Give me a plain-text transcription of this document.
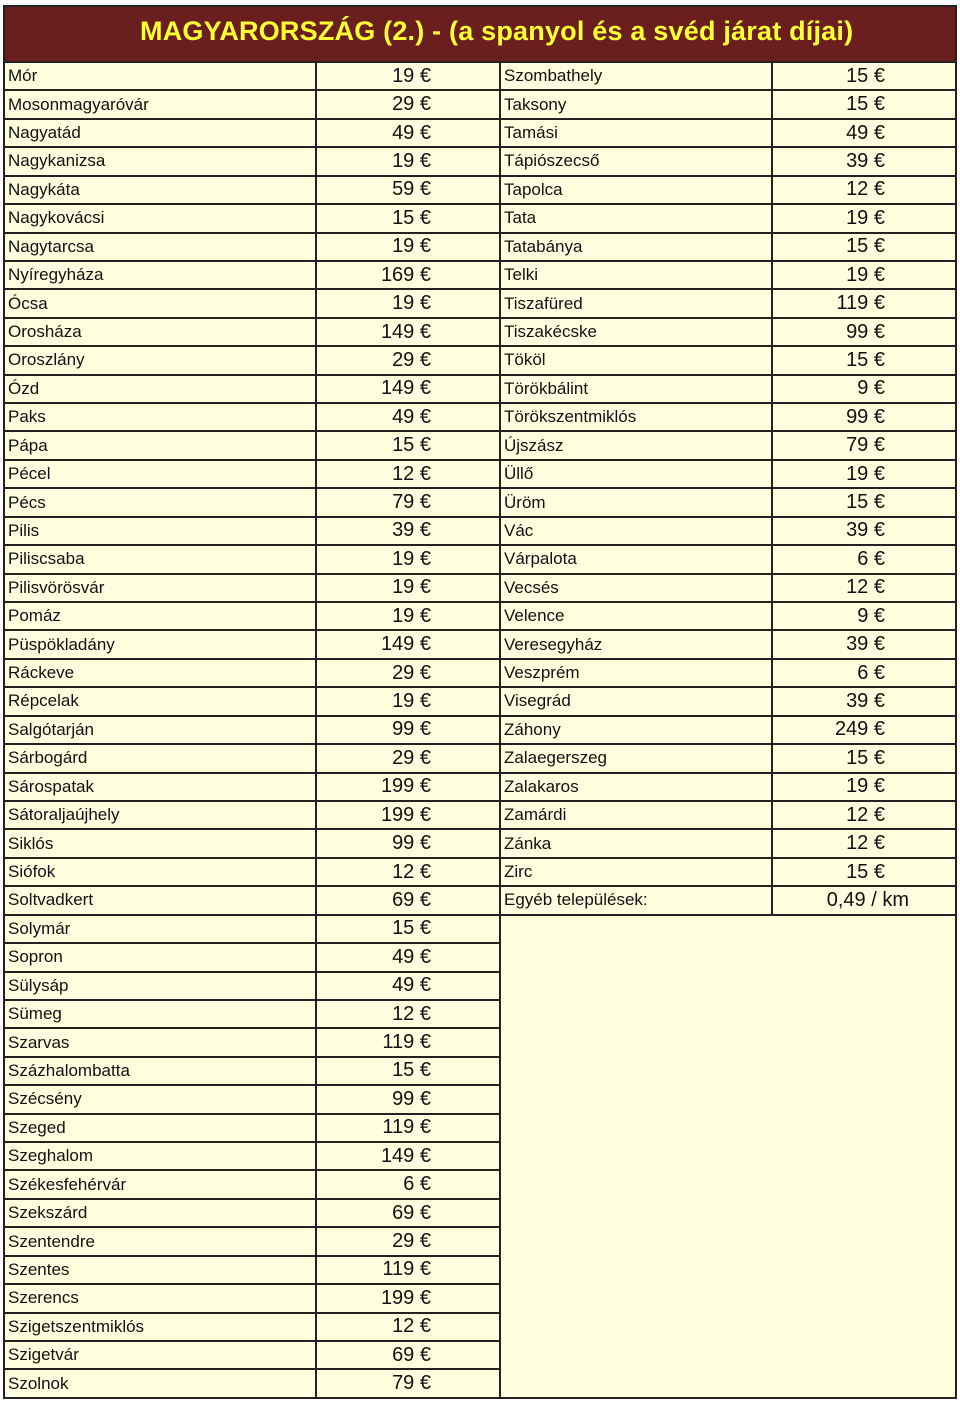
MAGYARORSZÁG (2.) - (a spanyol és a svéd járat díjai)
Mór	19 €
Mosonmagyaróvár	29 €
Nagyatád	49 €
Nagykanizsa	19 €
Nagykáta	59 €
Nagykovácsi	15 €
Nagytarcsa	19 €
Nyíregyháza	169 €
Ócsa	19 €
Orosháza	149 €
Oroszlány	29 €
Ózd	149 €
Paks	49 €
Pápa	15 €
Pécel	12 €
Pécs	79 €
Pilis	39 €
Piliscsaba	19 €
Pilisvörösvár	19 €
Pomáz	19 €
Püspökladány	149 €
Ráckeve	29 €
Répcelak	19 €
Salgótarján	99 €
Sárbogárd	29 €
Sárospatak	199 €
Sátoraljaújhely	199 €
Siklós	99 €
Siófok	12 €
Soltvadkert	69 €
Solymár	15 €
Sopron	49 €
Sülysáp	49 €
Sümeg	12 €
Szarvas	119 €
Százhalombatta	15 €
Szécsény	99 €
Szeged	119 €
Szeghalom	149 €
Székesfehérvár	6 €
Szekszárd	69 €
Szentendre	29 €
Szentes	119 €
Szerencs	199 €
Szigetszentmiklós	12 €
Szigetvár	69 €
Szolnok	79 €
Szombathely	15 €
Taksony	15 €
Tamási	49 €
Tápiószecső	39 €
Tapolca	12 €
Tata	19 €
Tatabánya	15 €
Telki	19 €
Tiszafüred	119 €
Tiszakécske	99 €
Tököl	15 €
Törökbálint	9 €
Törökszentmiklós	99 €
Újszász	79 €
Üllő	19 €
Üröm	15 €
Vác	39 €
Várpalota	6 €
Vecsés	12 €
Velence	9 €
Veresegyház	39 €
Veszprém	6 €
Visegrád	39 €
Záhony	249 €
Zalaegerszeg	15 €
Zalakaros	19 €
Zamárdi	12 €
Zánka	12 €
Zirc	15 €
Egyéb települések:	0,49 / km
